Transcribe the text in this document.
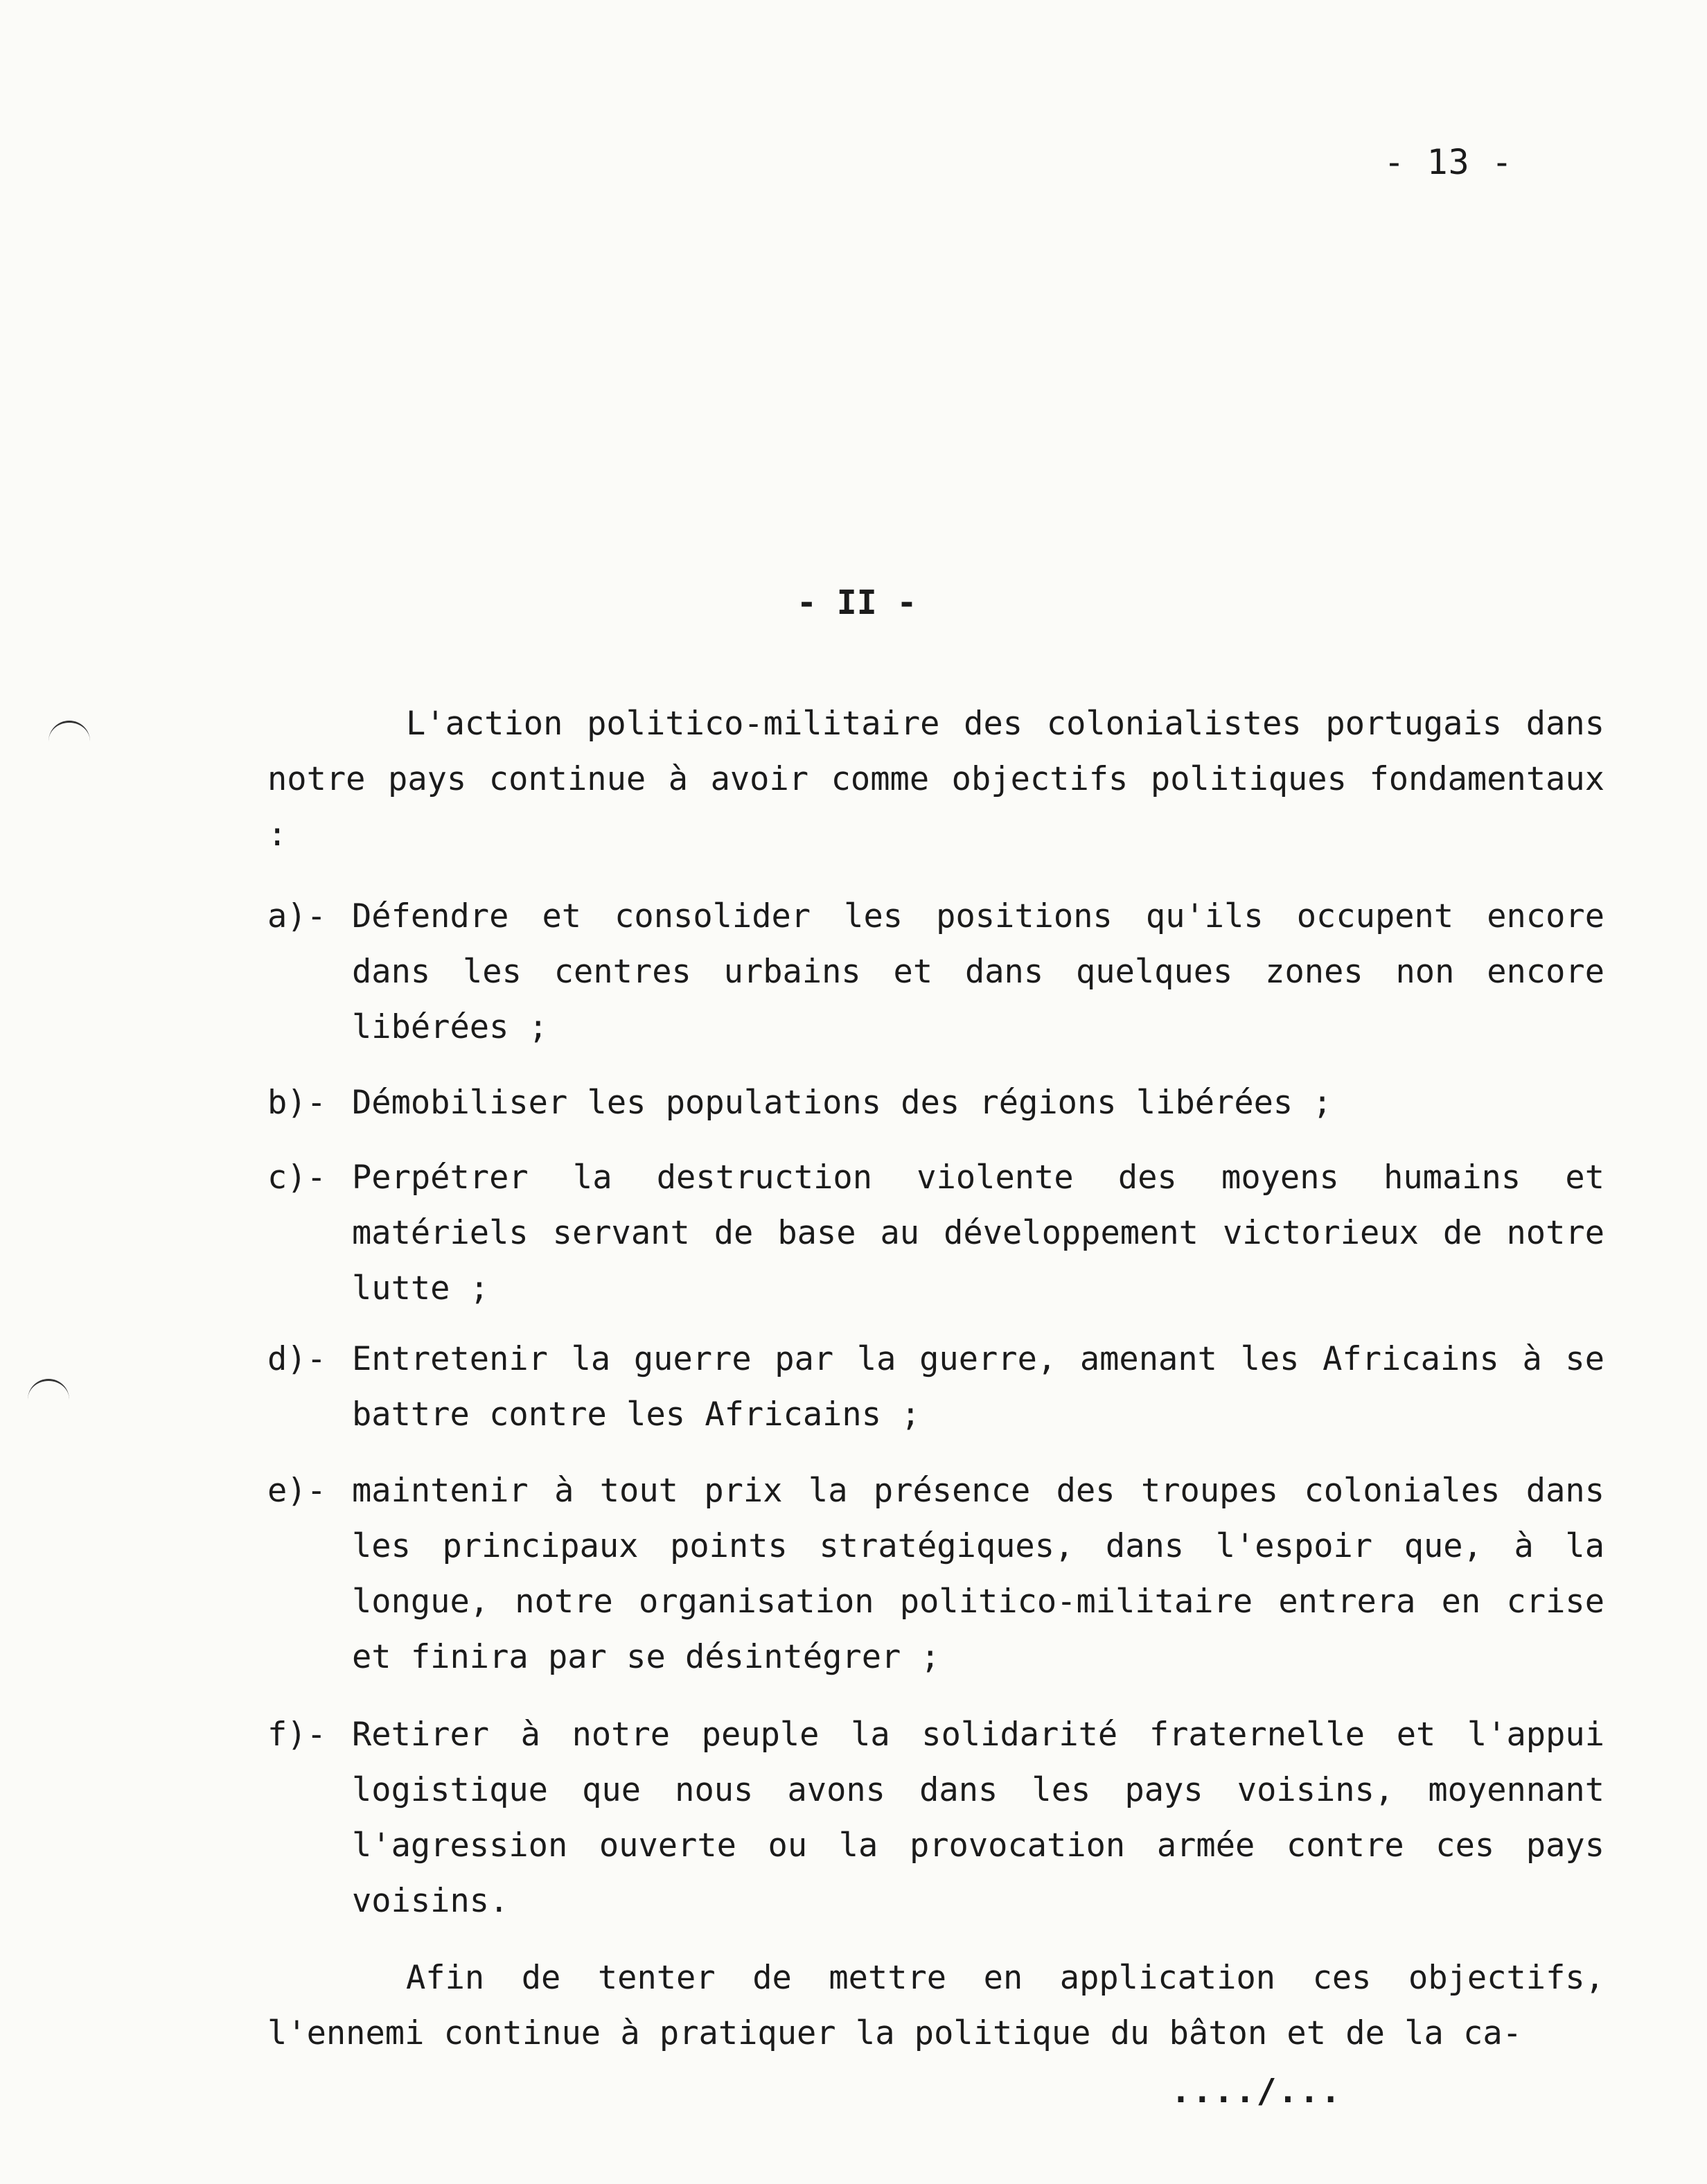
- 13 -
- II -

L'action politico-militaire des colonialistes portugais dans notre pays continue à avoir comme objectifs politiques fondamentaux :

a)- Défendre et consolider les positions qu'ils occupent encore dans les centres urbains et dans quelques zones non encore libérées ;
b)- Démobiliser les populations des régions libérées ;
c)- Perpétrer la destruction violente des moyens humains et matériels servant de base au développement victorieux de notre lutte ;
d)- Entretenir la guerre par la guerre, amenant les Africains à se battre contre les Africains ;
e)- maintenir à tout prix la présence des troupes coloniales dans les principaux points stratégiques, dans l'espoir que, à la longue, notre organisation politico-militaire entrera en crise et finira par se désintégrer ;
f)- Retirer à notre peuple la solidarité fraternelle et l'appui logistique que nous avons dans les pays voisins, moyennant l'agression ouverte ou la provocation armée contre ces pays voisins.

Afin de tenter de mettre en application ces objectifs, l'ennemi continue à pratiquer la politique du bâton et de la ca-

..../...
